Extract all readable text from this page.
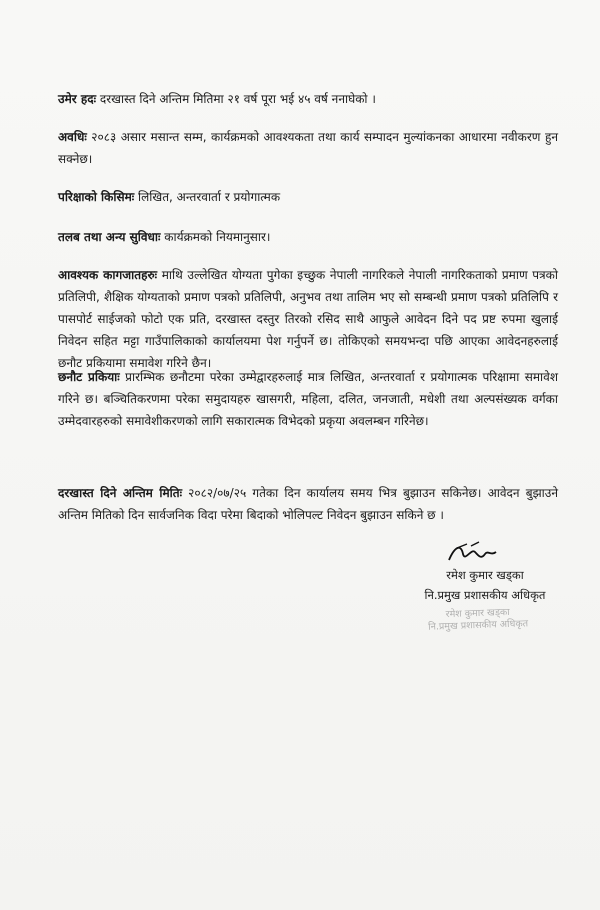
उमेर हदः दरखास्त दिने अन्तिम मितिमा २१ वर्ष पूरा भई ४५ वर्ष ननाघेको ।
अवधिः २०८३ असार मसान्त सम्म, कार्यक्रमको आवश्यकता तथा कार्य सम्पादन मुल्यांकनका आधारमा नवीकरण हुन सक्नेछ।
परिक्षाको किसिमः लिखित, अन्तरवार्ता र प्रयोगात्मक
तलब तथा अन्य सुविधाः कार्यक्रमको नियमानुसार।
आवश्यक कागजातहरुः माथि उल्लेखित योग्यता पुगेका इच्छुक नेपाली नागरिकले नेपाली नागरिकताको प्रमाण पत्रको प्रतिलिपी, शैक्षिक योग्यताको प्रमाण पत्रको प्रतिलिपी, अनुभव तथा तालिम भए सो सम्बन्धी प्रमाण पत्रको प्रतिलिपि र पासपोर्ट साईजको फोटो एक प्रति, दरखास्त दस्तुर तिरको रसिद साथै आफुले आवेदन दिने पद प्रष्ट रुपमा खुलाई निवेदन सहित मट्टा गाउँपालिकाको कार्यालयमा पेश गर्नुपर्ने छ। तोकिएको समयभन्दा पछि आएका आवेदनहरुलाई छनौट प्रकियामा समावेश गरिने छैन।
छनौट प्रकियाः प्रारम्भिक छनौटमा परेका उम्मेद्वारहरुलाई मात्र लिखित, अन्तरवार्ता र प्रयोगात्मक परिक्षामा समावेश गरिने छ। बञ्चितिकरणमा परेका समुदायहरु खासगरी, महिला, दलित, जनजाती, मधेशी तथा अल्पसंख्यक वर्गका उम्मेदवारहरुको समावेशीकरणको लागि सकारात्मक विभेदको प्रकृया अवलम्बन गरिनेछ।
दरखास्त दिने अन्तिम मितिः २०८२/०७/२५ गतेका दिन कार्यालय समय भित्र बुझाउन सकिनेछ। आवेदन बुझाउने अन्तिम मितिको दिन सार्वजनिक विदा परेमा बिदाको भोलिपल्ट निवेदन बुझाउन सकिने छ ।
रमेश कुमार खड्का
नि.प्रमुख प्रशासकीय अधिकृत
रमेश कुमार खड्का
नि.प्रमुख प्रशासकीय अधिकृत
